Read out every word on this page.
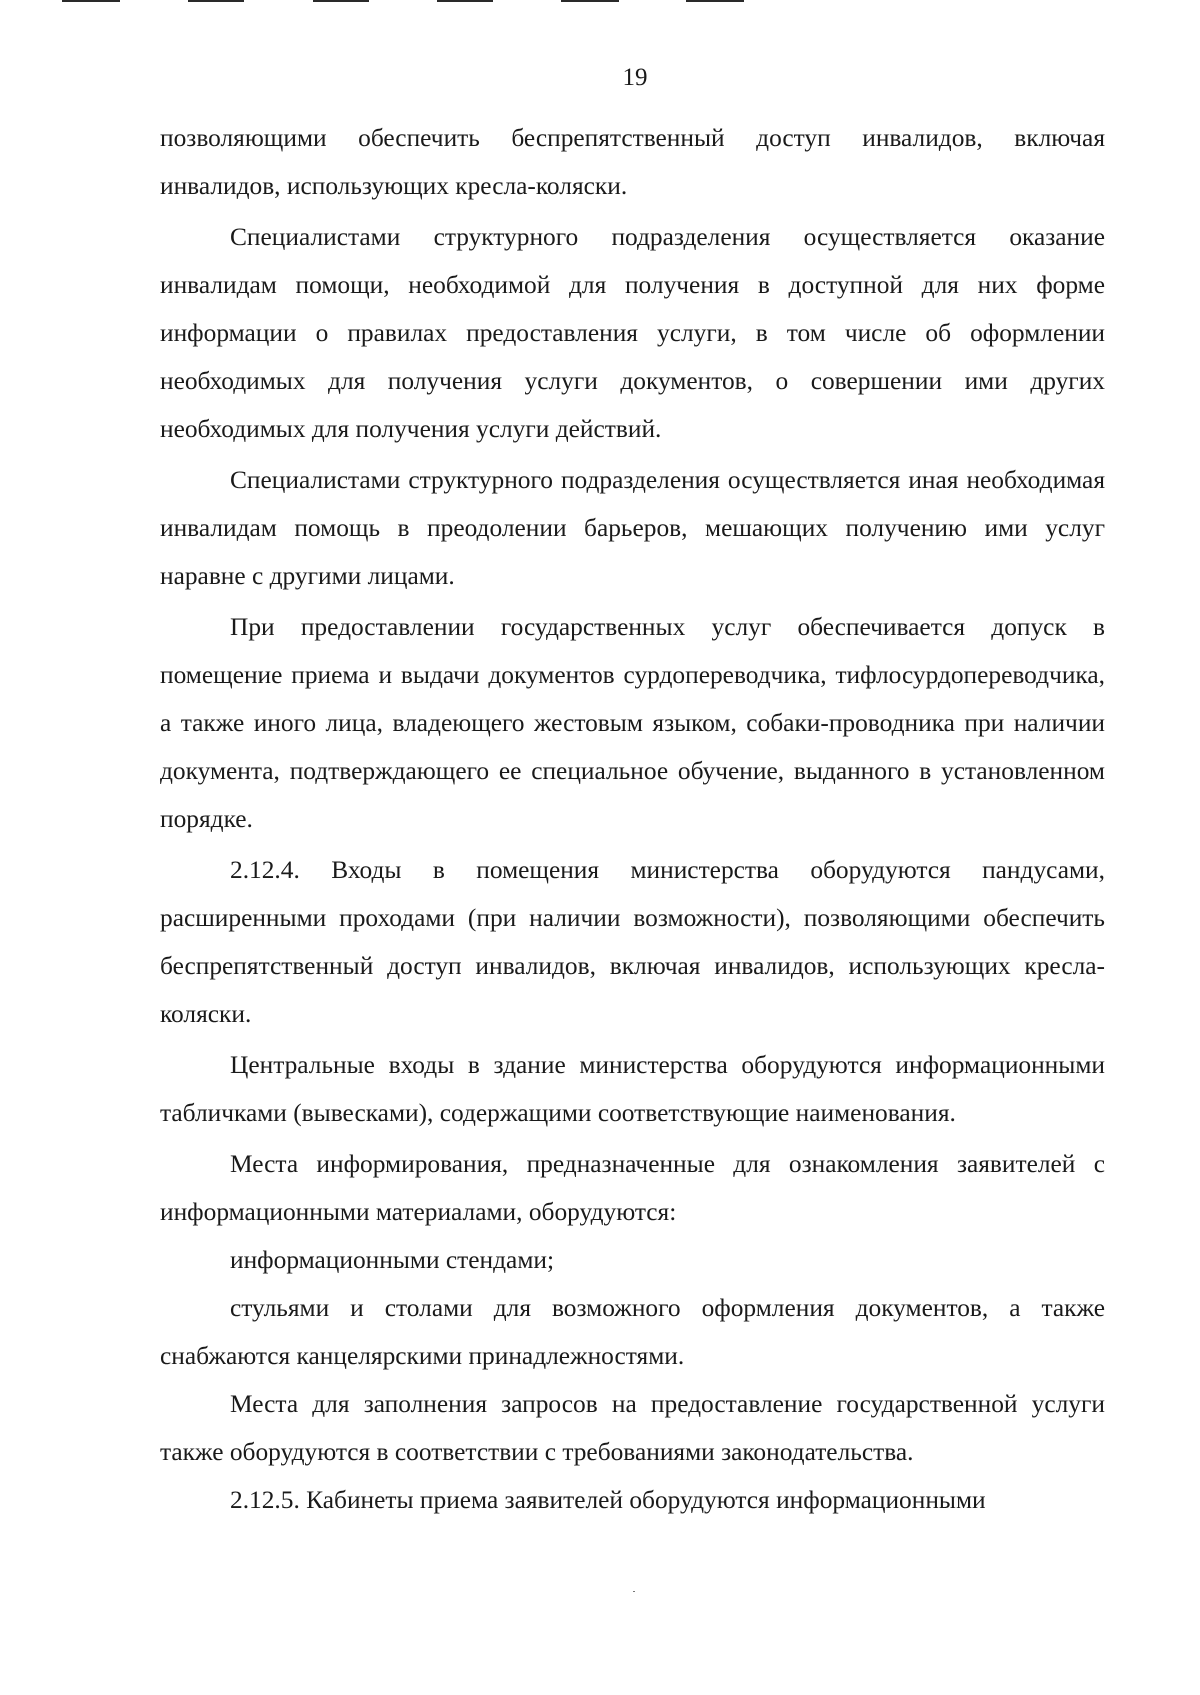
19

позволяющими обеспечить беспрепятственный доступ инвалидов, включая инвалидов, использующих кресла-коляски.

Специалистами структурного подразделения осуществляется оказание инвалидам помощи, необходимой для получения в доступной для них форме информации о правилах предоставления услуги, в том числе об оформлении необходимых для получения услуги документов, о совершении ими других необходимых для получения услуги действий.

Специалистами структурного подразделения осуществляется иная необходимая инвалидам помощь в преодолении барьеров, мешающих получению ими услуг наравне с другими лицами.

При предоставлении государственных услуг обеспечивается допуск в помещение приема и выдачи документов сурдопереводчика, тифлосурдопереводчика, а также иного лица, владеющего жестовым языком, собаки-проводника при наличии документа, подтверждающего ее специальное обучение, выданного в установленном порядке.

2.12.4. Входы в помещения министерства оборудуются пандусами, расширенными проходами (при наличии возможности), позволяющими обеспечить беспрепятственный доступ инвалидов, включая инвалидов, использующих кресла-коляски.

Центральные входы в здание министерства оборудуются информационными табличками (вывесками), содержащими соответствующие наименования.

Места информирования, предназначенные для ознакомления заявителей с информационными материалами, оборудуются:

информационными стендами;

стульями и столами для возможного оформления документов, а также снабжаются канцелярскими принадлежностями.

Места для заполнения запросов на предоставление государственной услуги также оборудуются в соответствии с требованиями законодательства.

2.12.5. Кабинеты приема заявителей оборудуются информационными
